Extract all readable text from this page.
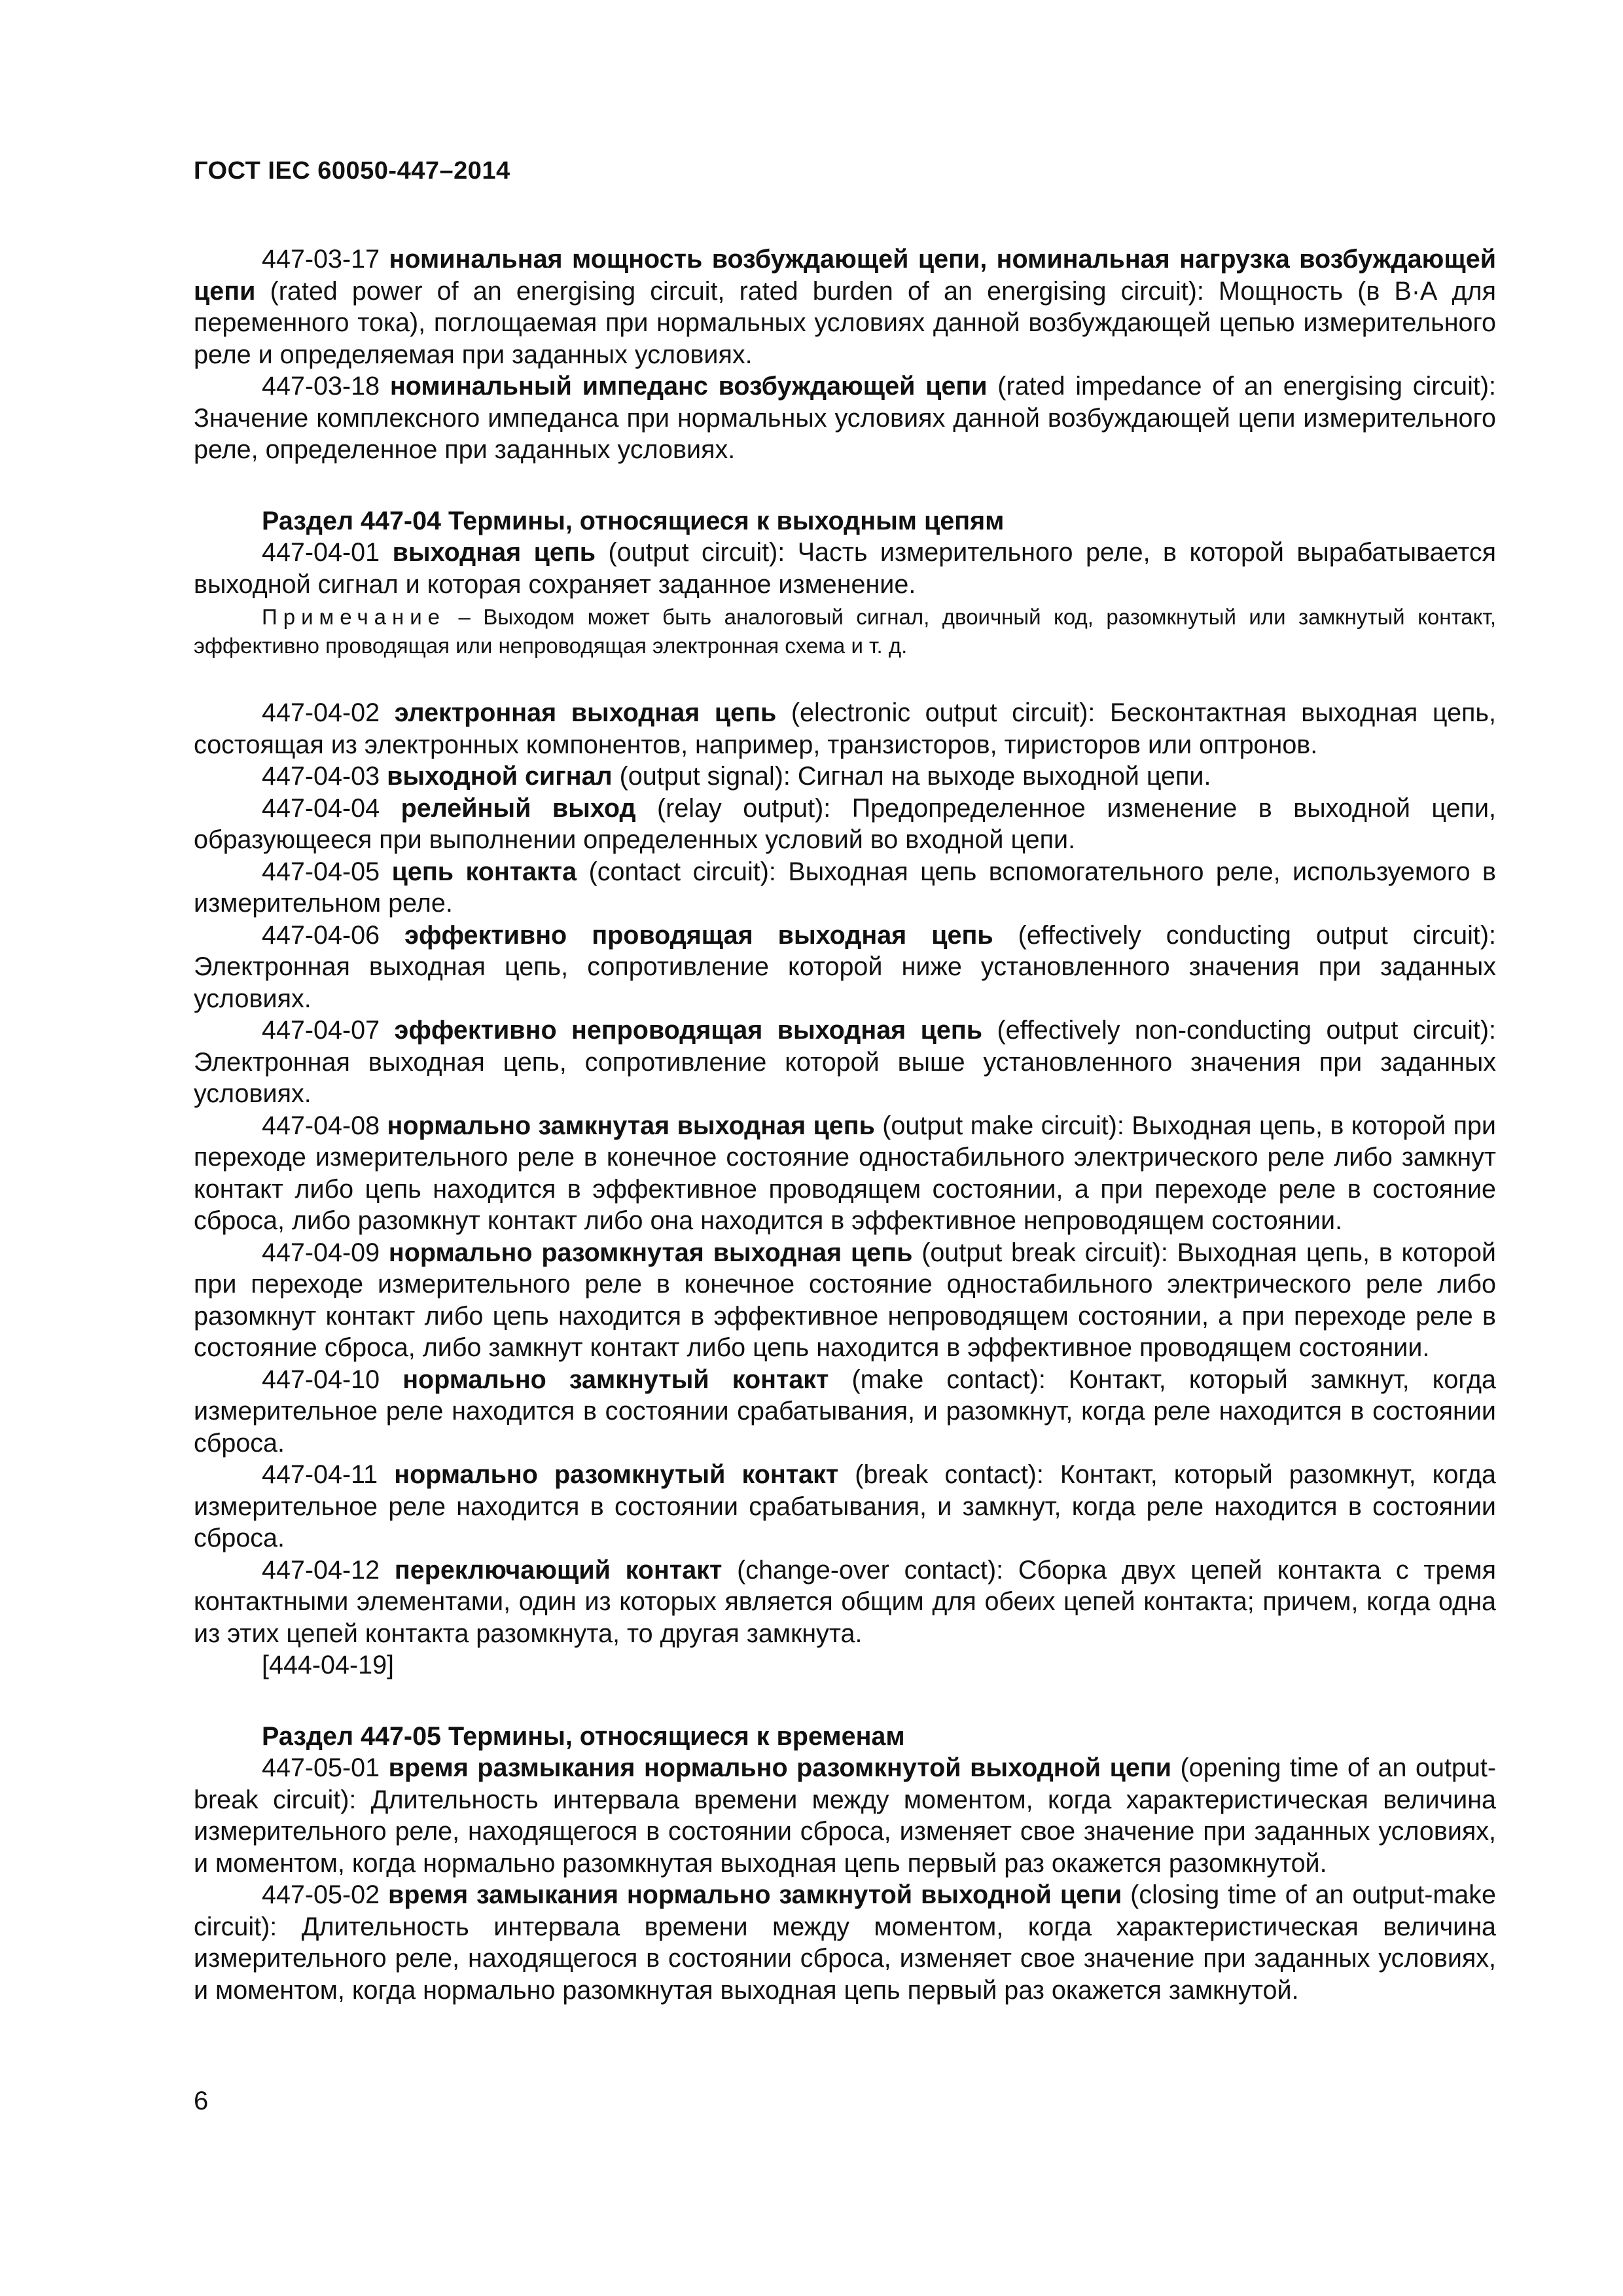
ГОСТ IEC 60050-447–2014

447-03-17 номинальная мощность возбуждающей цепи, номинальная нагрузка возбуждающей цепи (rated power of an energising circuit, rated burden of an energising circuit): Мощность (в В·А для переменного тока), поглощаемая при нормальных условиях данной возбуждающей цепью измерительного реле и определяемая при заданных условиях.

447-03-18 номинальный импеданс возбуждающей цепи (rated impedance of an energising circuit): Значение комплексного импеданса при нормальных условиях данной возбуждающей цепи измерительного реле, определенное при заданных условиях.

Раздел 447-04 Термины, относящиеся к выходным цепям

447-04-01 выходная цепь (output circuit): Часть измерительного реле, в которой вырабатывается выходной сигнал и которая сохраняет заданное изменение.

Примечание – Выходом может быть аналоговый сигнал, двоичный код, разомкнутый или замкнутый контакт, эффективно проводящая или непроводящая электронная схема и т. д.

447-04-02 электронная выходная цепь (electronic output circuit): Бесконтактная выходная цепь, состоящая из электронных компонентов, например, транзисторов, тиристоров или оптронов.

447-04-03 выходной сигнал (output signal): Сигнал на выходе выходной цепи.

447-04-04 релейный выход (relay output): Предопределенное изменение в выходной цепи, образующееся при выполнении определенных условий во входной цепи.

447-04-05 цепь контакта (contact circuit): Выходная цепь вспомогательного реле, используемого в измерительном реле.

447-04-06 эффективно проводящая выходная цепь (effectively conducting output circuit): Электронная выходная цепь, сопротивление которой ниже установленного значения при заданных условиях.

447-04-07 эффективно непроводящая выходная цепь (effectively non-conducting output circuit): Электронная выходная цепь, сопротивление которой выше установленного значения при заданных условиях.

447-04-08 нормально замкнутая выходная цепь (output make circuit): Выходная цепь, в которой при переходе измерительного реле в конечное состояние одностабильного электрического реле либо замкнут контакт либо цепь находится в эффективное проводящем состоянии, а при переходе реле в состояние сброса, либо разомкнут контакт либо она находится в эффективное непроводящем состоянии.

447-04-09 нормально разомкнутая выходная цепь (output break circuit): Выходная цепь, в которой при переходе измерительного реле в конечное состояние одностабильного электрического реле либо разомкнут контакт либо цепь находится в эффективное непроводящем состоянии, а при переходе реле в состояние сброса, либо замкнут контакт либо цепь находится в эффективное проводящем состоянии.

447-04-10 нормально замкнутый контакт (make contact): Контакт, который замкнут, когда измерительное реле находится в состоянии срабатывания, и разомкнут, когда реле находится в состоянии сброса.

447-04-11 нормально разомкнутый контакт (break contact): Контакт, который разомкнут, когда измерительное реле находится в состоянии срабатывания, и замкнут, когда реле находится в состоянии сброса.

447-04-12 переключающий контакт (change-over contact): Сборка двух цепей контакта с тремя контактными элементами, один из которых является общим для обеих цепей контакта; причем, когда одна из этих цепей контакта разомкнута, то другая замкнута.

[444-04-19]

Раздел 447-05 Термины, относящиеся к временам

447-05-01 время размыкания нормально разомкнутой выходной цепи (opening time of an output-break circuit): Длительность интервала времени между моментом, когда характеристическая величина измерительного реле, находящегося в состоянии сброса, изменяет свое значение при заданных условиях, и моментом, когда нормально разомкнутая выходная цепь первый раз окажется разомкнутой.

447-05-02 время замыкания нормально замкнутой выходной цепи (closing time of an output-make circuit): Длительность интервала времени между моментом, когда характеристическая величина измерительного реле, находящегося в состоянии сброса, изменяет свое значение при заданных условиях, и моментом, когда нормально разомкнутая выходная цепь первый раз окажется замкнутой.

6
